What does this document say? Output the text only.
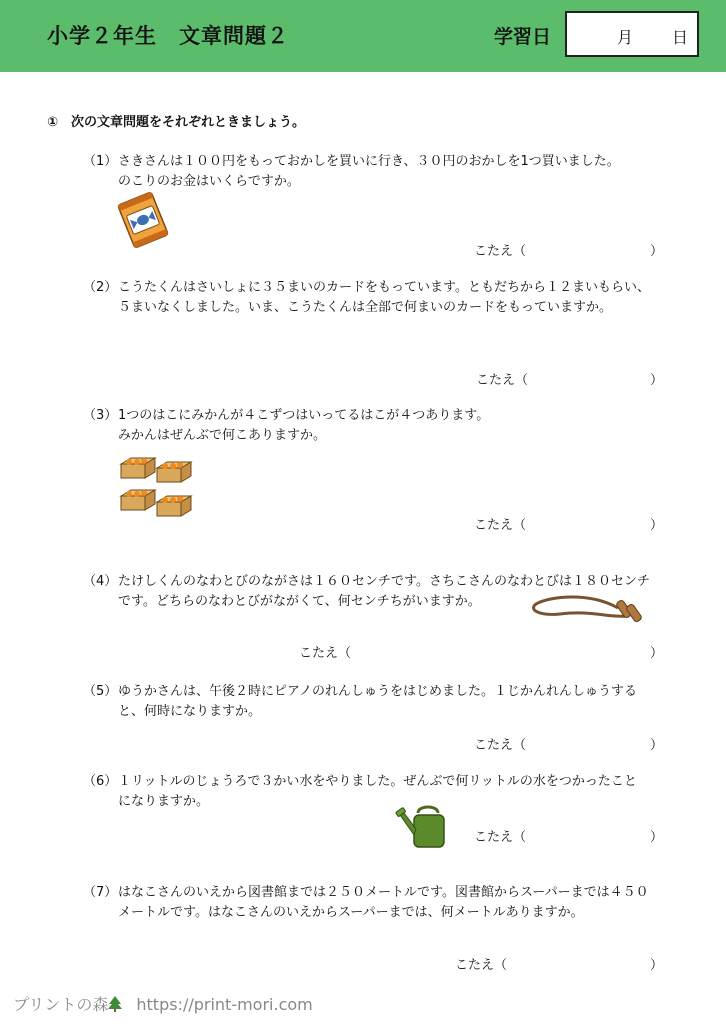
小学２年生　文章問題２	学習日	月 日
①　次の文章問題をそれぞれときましょう。
（1） さきさんは１００円をもっておかしを買いに行き、３０円のおかしを1つ買いました。
のこりのお金はいくらですか。
こたえ（	）
（2） こうたくんはさいしょに３５まいのカードをもっています。ともだちから１２まいもらい、
５まいなくしました。いま、こうたくんは全部で何まいのカードをもっていますか。
こたえ（	）
（3） 1つのはこにみかんが４こずつはいってるはこが４つあります。
みかんはぜんぶで何こありますか。
こたえ（	）
（4） たけしくんのなわとびのながさは１６０センチです。さちこさんのなわとびは１８０センチ
です。どちらのなわとびがながくて、何センチちがいますか。
こたえ（	）
（5） ゆうかさんは、午後２時にピアノのれんしゅうをはじめました。１じかんれんしゅうする
と、何時になりますか。
こたえ（	）
（6） １リットルのじょうろで３かい水をやりました。ぜんぶで何リットルの水をつかったこと
になりますか。
こたえ（	）
（7） はなこさんのいえから図書館までは２５０メートルです。図書館からスーパーまでは４５０
メートルです。はなこさんのいえからスーパーまでは、何メートルありますか。
こたえ（	）
プリントの森 https://print-mori.com
